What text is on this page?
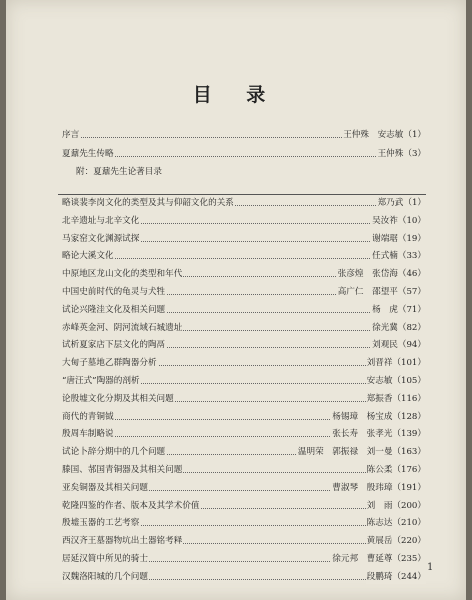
目 录
序言	王仲殊　安志敏（1）
夏鼐先生传略	王仲殊（3）
附：夏鼐先生论著目录
略谈裴李岗文化的类型及其与仰韶文化的关系	郑乃武（1）
北辛遗址与北辛文化	吴汝祚（10）
马家窑文化渊源试探	谢端琚（19）
略论大溪文化	任式楠（33）
中原地区龙山文化的类型和年代	张彦煌　张岱海（46）
中国史前时代的龟灵与犬牲	高广仁　邵望平（57）
试论兴隆洼文化及相关问题	杨　虎（71）
赤峰英金河、阴河流域石城遗址	徐光冀（82）
试析夏家店下层文化的陶鬲	刘观民（94）
大甸子墓地乙群陶器分析	刘晋祥（101）
“唐汪式”陶器的剖析	安志敏（105）
论殷墟文化分期及其相关问题	郑振香（116）
商代的青铜钺	杨锡璋　杨宝成（128）
殷周车制略说	张长寿　张孝光（139）
试论卜辞分期中的几个问题	温明荣　郭振禄　刘一曼（163）
滕国、邿国青铜器及其相关问题	陈公柔（176）
亚矣铜器及其相关问题	曹淑琴　殷玮璋（191）
乾隆四鉴的作者、版本及其学术价值	刘　雨（200）
殷墟玉器的工艺考察	陈志达（210）
西汉齐王墓器物坑出土器铭考释	黄展岳（220）
居延汉简中所见的骑士	徐元邦　曹延尊（235）
汉魏洛阳城的几个问题	段鹏琦（244）
1
